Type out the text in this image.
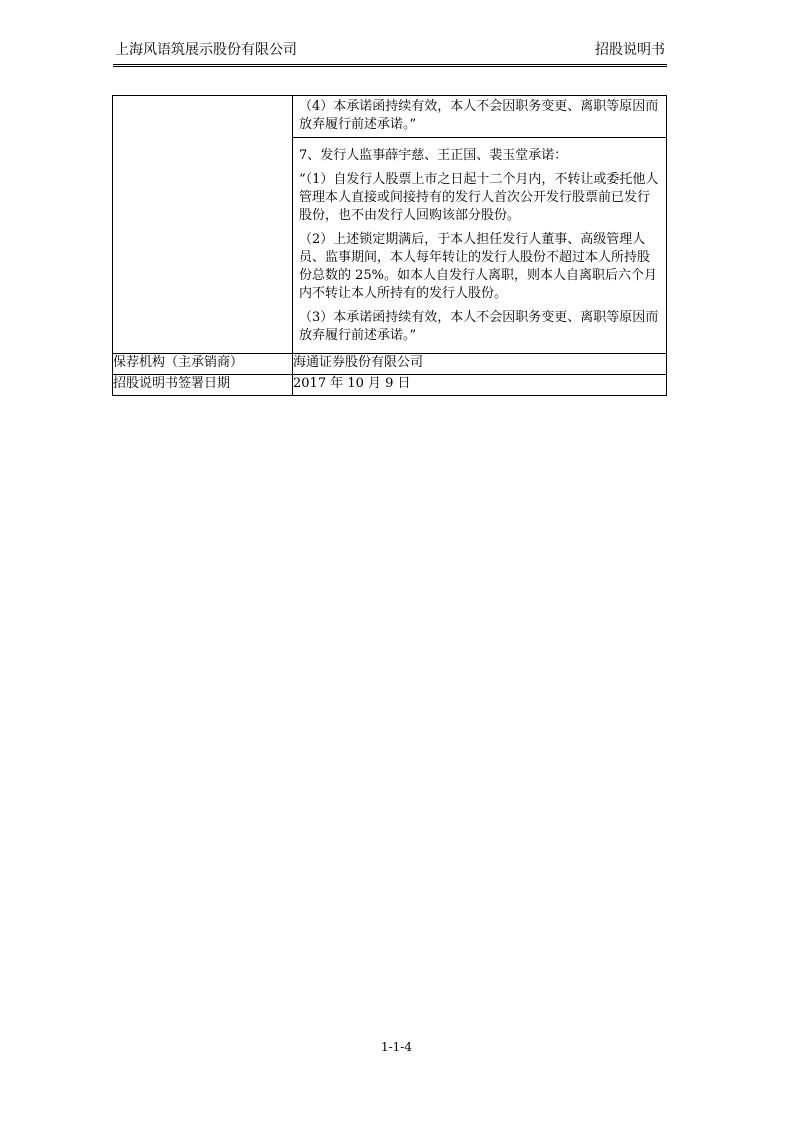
上海风语筑展示股份有限公司	招股说明书

	（4）本承诺函持续有效，本人不会因职务变更、离职等原因而放弃履行前述承诺。”

	7、发行人监事薛宇慈、王正国、裴玉堂承诺：

“（1）自发行人股票上市之日起十二个月内，不转让或委托他人管理本人直接或间接持有的发行人首次公开发行股票前已发行股份，也不由发行人回购该部分股份。

（2）上述锁定期满后，于本人担任发行人董事、高级管理人员、监事期间，本人每年转让的发行人股份不超过本人所持股份总数的 25%。如本人自发行人离职，则本人自离职后六个月内不转让本人所持有的发行人股份。

（3）本承诺函持续有效，本人不会因职务变更、离职等原因而放弃履行前述承诺。”

保荐机构（主承销商）	海通证券股份有限公司
招股说明书签署日期	2017 年 10 月 9 日
1-1-4
